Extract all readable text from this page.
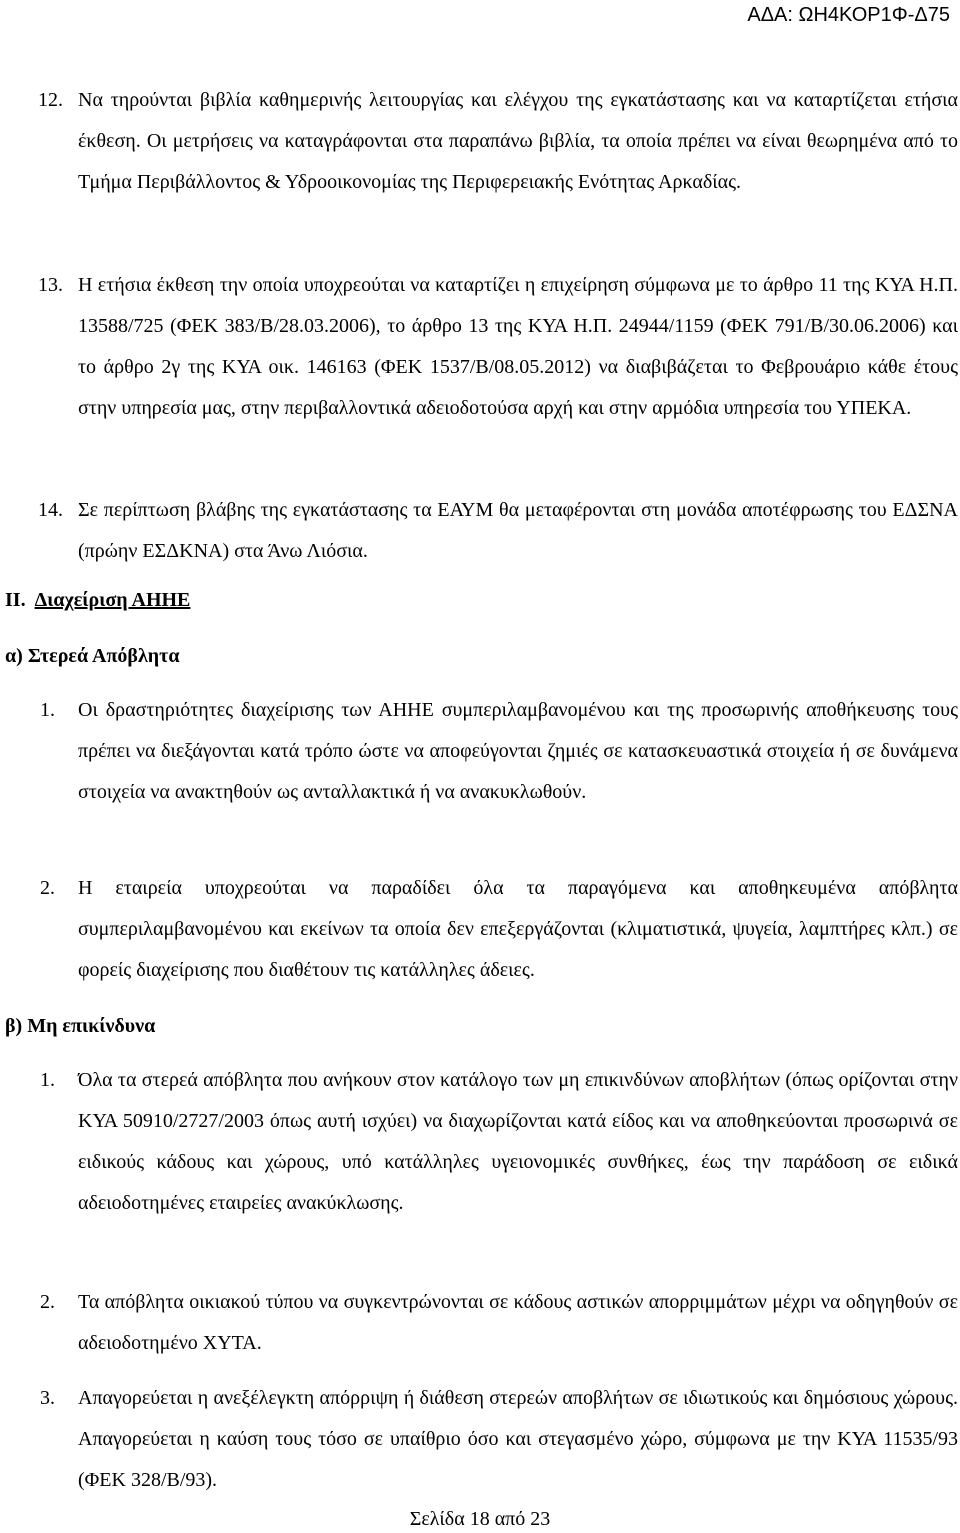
ΑΔΑ: ΩΗ4ΚΟΡ1Φ-Δ75
12. Να τηρούνται βιβλία καθημερινής λειτουργίας και ελέγχου της εγκατάστασης και να καταρτίζεται ετήσια έκθεση. Οι μετρήσεις να καταγράφονται στα παραπάνω βιβλία, τα οποία πρέπει να είναι θεωρημένα από το Τμήμα Περιβάλλοντος & Υδροοικονομίας της Περιφερειακής Ενότητας Αρκαδίας.
13. Η ετήσια έκθεση την οποία υποχρεούται να καταρτίζει η επιχείρηση σύμφωνα με το άρθρο 11 της ΚΥΑ Η.Π. 13588/725 (ΦΕΚ 383/Β/28.03.2006), το άρθρο 13 της ΚΥΑ Η.Π. 24944/1159 (ΦΕΚ 791/Β/30.06.2006) και το άρθρο 2γ της ΚΥΑ οικ. 146163 (ΦΕΚ 1537/Β/08.05.2012) να διαβιβάζεται το Φεβρουάριο κάθε έτους στην υπηρεσία μας, στην περιβαλλοντικά αδειοδοτούσα αρχή και στην αρμόδια υπηρεσία του ΥΠΕΚΑ.
14. Σε περίπτωση βλάβης της εγκατάστασης τα ΕΑΥΜ θα μεταφέρονται στη μονάδα αποτέφρωσης του ΕΔΣΝΑ (πρώην ΕΣΔΚΝΑ) στα Άνω Λιόσια.
ΙΙ. Διαχείριση ΑΗΗΕ
α) Στερεά Απόβλητα
1.	Οι δραστηριότητες διαχείρισης των ΑΗΗΕ συμπεριλαμβανομένου και της προσωρινής αποθήκευσης τους πρέπει να διεξάγονται κατά τρόπο ώστε να αποφεύγονται ζημιές σε κατασκευαστικά στοιχεία ή σε δυνάμενα στοιχεία να ανακτηθούν ως ανταλλακτικά ή να ανακυκλωθούν.
2.	Η εταιρεία υποχρεούται να παραδίδει όλα τα παραγόμενα και αποθηκευμένα απόβλητα συμπεριλαμβανομένου και εκείνων τα οποία δεν επεξεργάζονται (κλιματιστικά, ψυγεία, λαμπτήρες κλπ.) σε φορείς διαχείρισης που διαθέτουν τις κατάλληλες άδειες.
β) Μη επικίνδυνα
1.	Όλα τα στερεά απόβλητα που ανήκουν στον κατάλογο των μη επικινδύνων αποβλήτων (όπως ορίζονται στην ΚΥΑ 50910/2727/2003 όπως αυτή ισχύει) να διαχωρίζονται κατά είδος και να αποθηκεύονται προσωρινά σε ειδικούς κάδους και χώρους, υπό κατάλληλες υγειονομικές συνθήκες, έως την παράδοση σε ειδικά αδειοδοτημένες εταιρείες ανακύκλωσης.
2.	Τα απόβλητα οικιακού τύπου να συγκεντρώνονται σε κάδους αστικών απορριμμάτων μέχρι να οδηγηθούν σε αδειοδοτημένο ΧΥΤΑ.
3.	Απαγορεύεται η ανεξέλεγκτη απόρριψη ή διάθεση στερεών αποβλήτων σε ιδιωτικούς και δημόσιους χώρους. Απαγορεύεται η καύση τους τόσο σε υπαίθριο όσο και στεγασμένο χώρο, σύμφωνα με την ΚΥΑ 11535/93 (ΦΕΚ 328/Β/93).
Σελίδα 18 από 23
